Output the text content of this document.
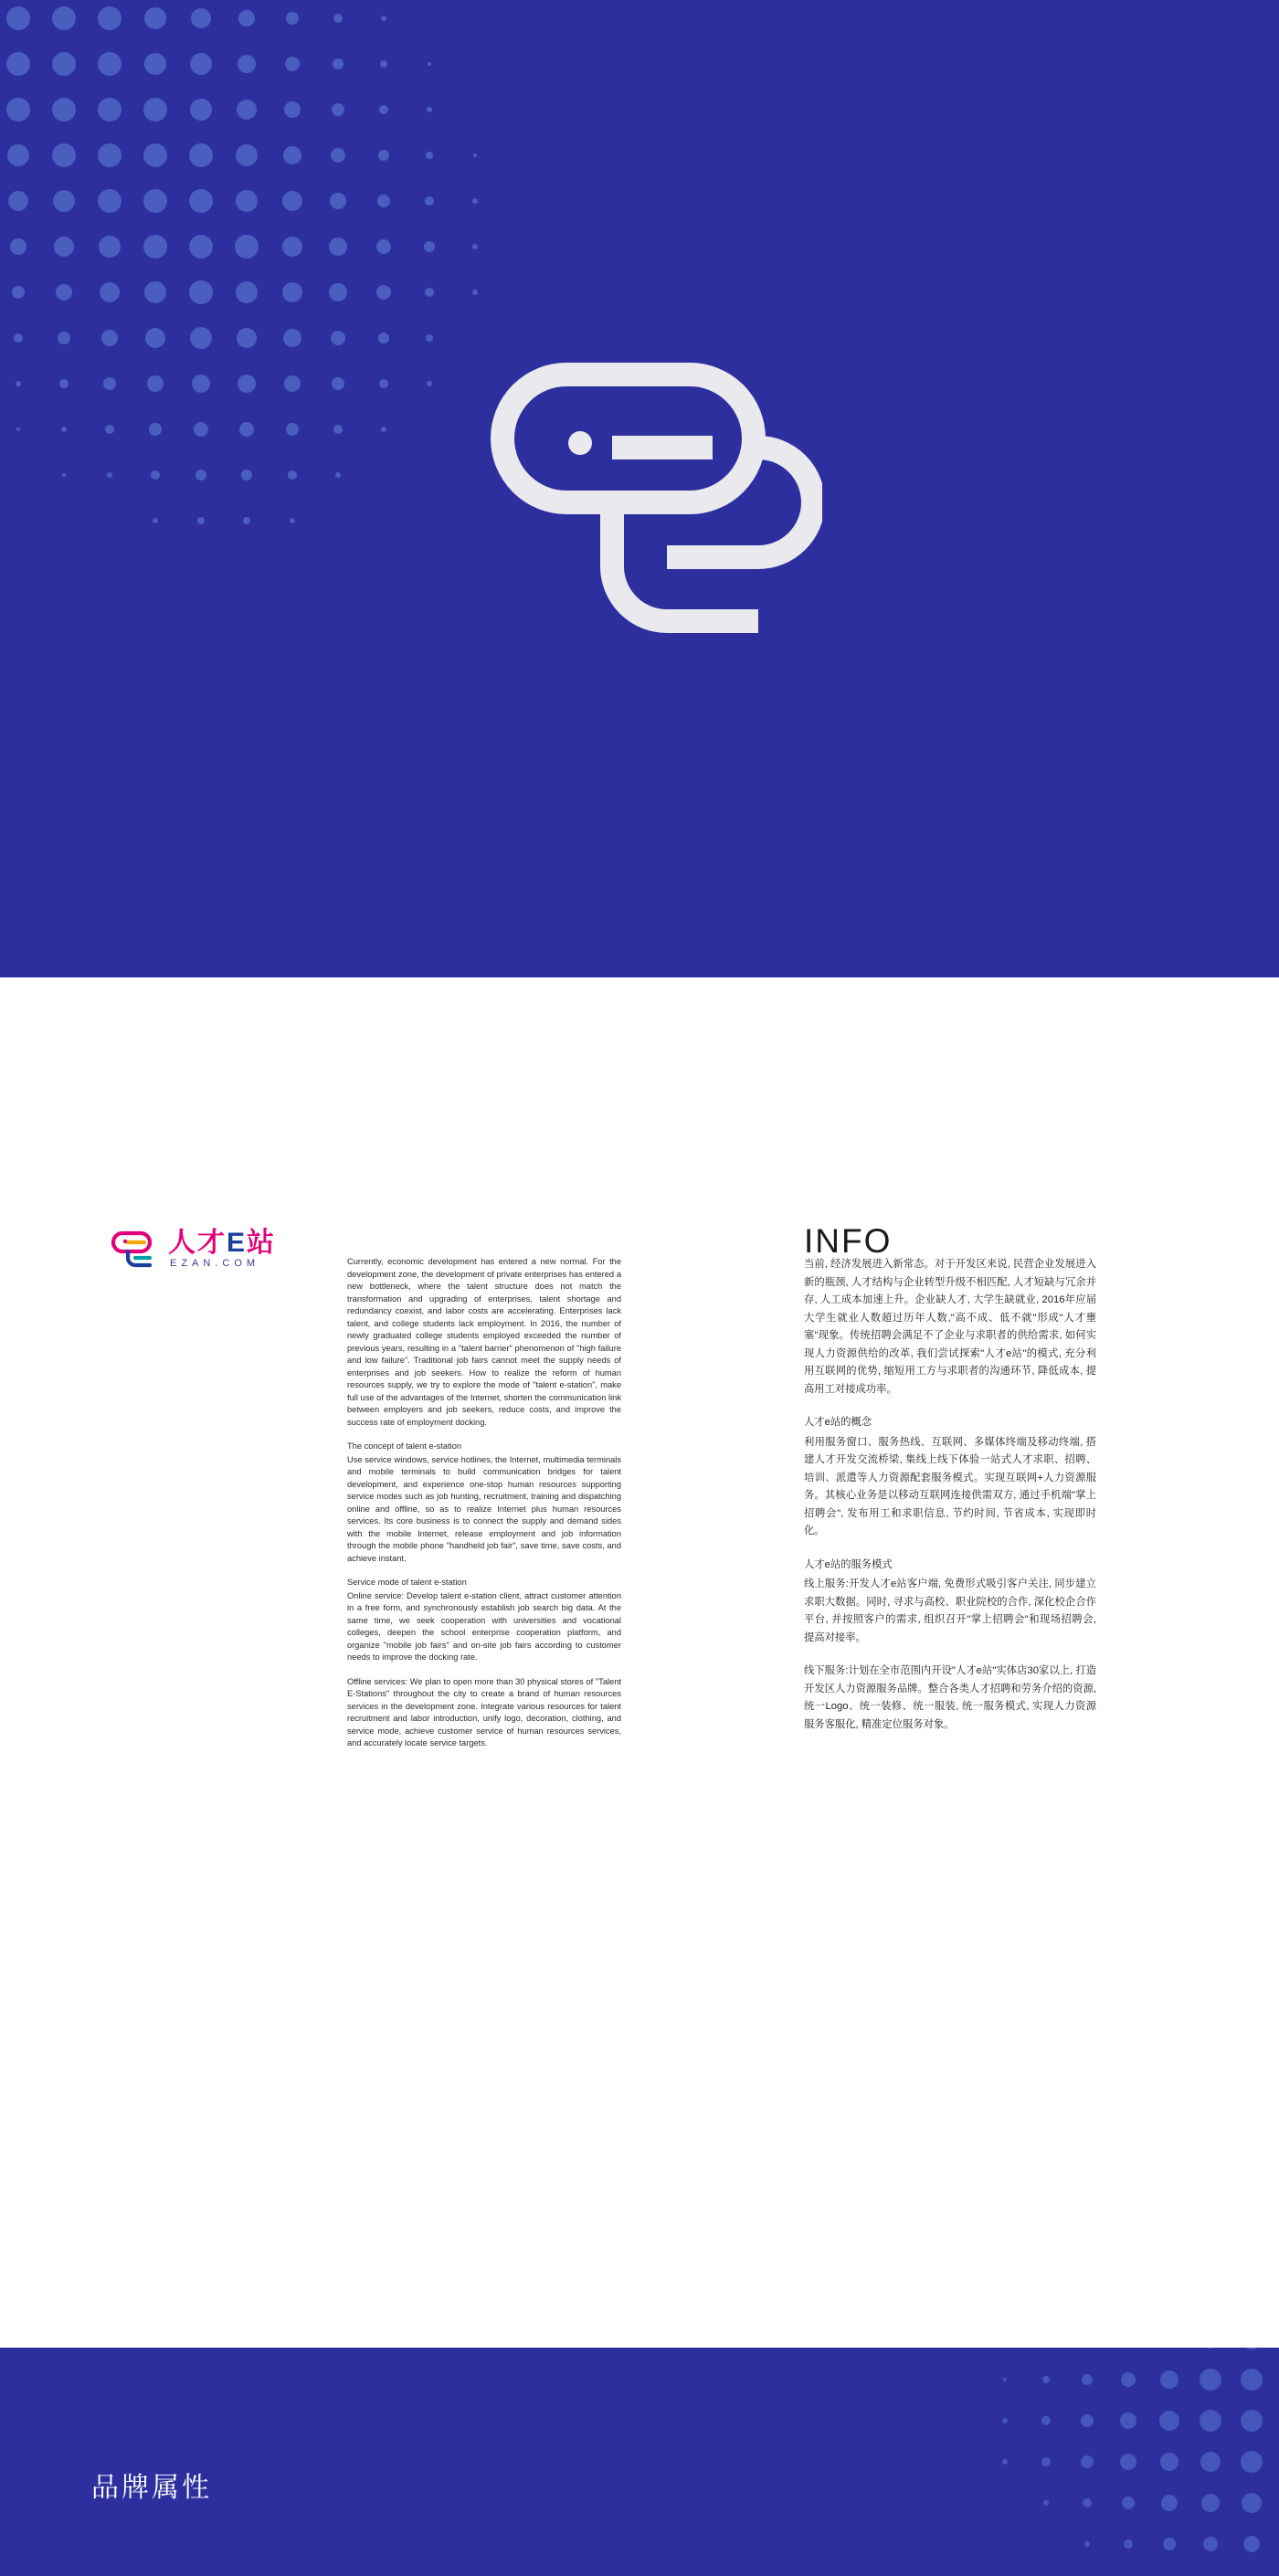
人才E站
EZAN.COM	Currently, economic development has entered a new normal. For the development zone, the development of private enterprises has entered a new bottleneck, where the talent structure does not match the transformation and upgrading of enterprises, talent shortage and redundancy coexist, and labor costs are accelerating. Enterprises lack talent, and college students lack employment. In 2016, the number of newly graduated college students employed exceeded the number of previous years, resulting in a "talent barrier" phenomenon of "high failure and low failure". Traditional job fairs cannot meet the supply needs of enterprises and job seekers. How to realize the reform of human resources supply, we try to explore the mode of "talent e-station", make full use of the advantages of the Internet, shorten the communication link between employers and job seekers, reduce costs, and improve the success rate of employment docking.

The concept of talent e-station

Use service windows, service hotlines, the Internet, multimedia terminals and mobile terminals to build communication bridges for talent development, and experience one-stop human resources supporting service modes such as job hunting, recruitment, training and dispatching online and offline, so as to realize Internet plus human resources services. Its core business is to connect the supply and demand sides with the mobile Internet, release employment and job information through the mobile phone "handheld job fair", save time, save costs, and achieve instant.

Service mode of talent e-station

Online service: Develop talent e-station client, attract customer attention in a free form, and synchronously establish job search big data. At the same time, we seek cooperation with universities and vocational colleges, deepen the school enterprise cooperation platform, and organize "mobile job fairs" and on-site job fairs according to customer needs to improve the docking rate.

Offline services: We plan to open more than 30 physical stores of "Talent E-Stations" throughout the city to create a brand of human resources services in the development zone. Integrate various resources for talent recruitment and labor introduction, unify logo, decoration, clothing, and service mode, achieve customer service of human resources services, and accurately locate service targets.

INFO

当前, 经济发展进入新常态。对于开发区来说, 民营企业发展进入新的瓶颈, 人才结构与企业转型升级不相匹配, 人才短缺与冗余并存, 人工成本加速上升。企业缺人才, 大学生缺就业, 2016年应届大学生就业人数超过历年人数,"高不成、低不就"形成"人才壅塞"现象。传统招聘会满足不了企业与求职者的供给需求, 如何实现人力资源供给的改革, 我们尝试探索"人才e站"的模式, 充分利用互联网的优势, 缩短用工方与求职者的沟通环节, 降低成本, 提高用工对接成功率。

人才e站的概念

利用服务窗口、服务热线、互联网、多媒体终端及移动终端, 搭建人才开发交流桥梁, 集线上线下体验一站式人才求职、招聘、培训、派遣等人力资源配套服务模式。实现互联网+人力资源服务。其核心业务是以移动互联网连接供需双方, 通过手机端"掌上招聘会", 发布用工和求职信息, 节约时间, 节省成本, 实现即时化。

人才e站的服务模式

线上服务:开发人才e站客户端, 免费形式吸引客户关注, 同步建立求职大数据。同时, 寻求与高校、职业院校的合作, 深化校企合作平台, 并按照客户的需求, 组织召开"掌上招聘会"和现场招聘会, 提高对接率。

线下服务:计划在全市范围内开设"人才e站"实体店30家以上, 打造开发区人力资源服务品牌。整合各类人才招聘和劳务介绍的资源, 统一Logo、统一装修、统一服装, 统一服务模式, 实现人力资源服务客服化, 精准定位服务对象。

品牌属性
